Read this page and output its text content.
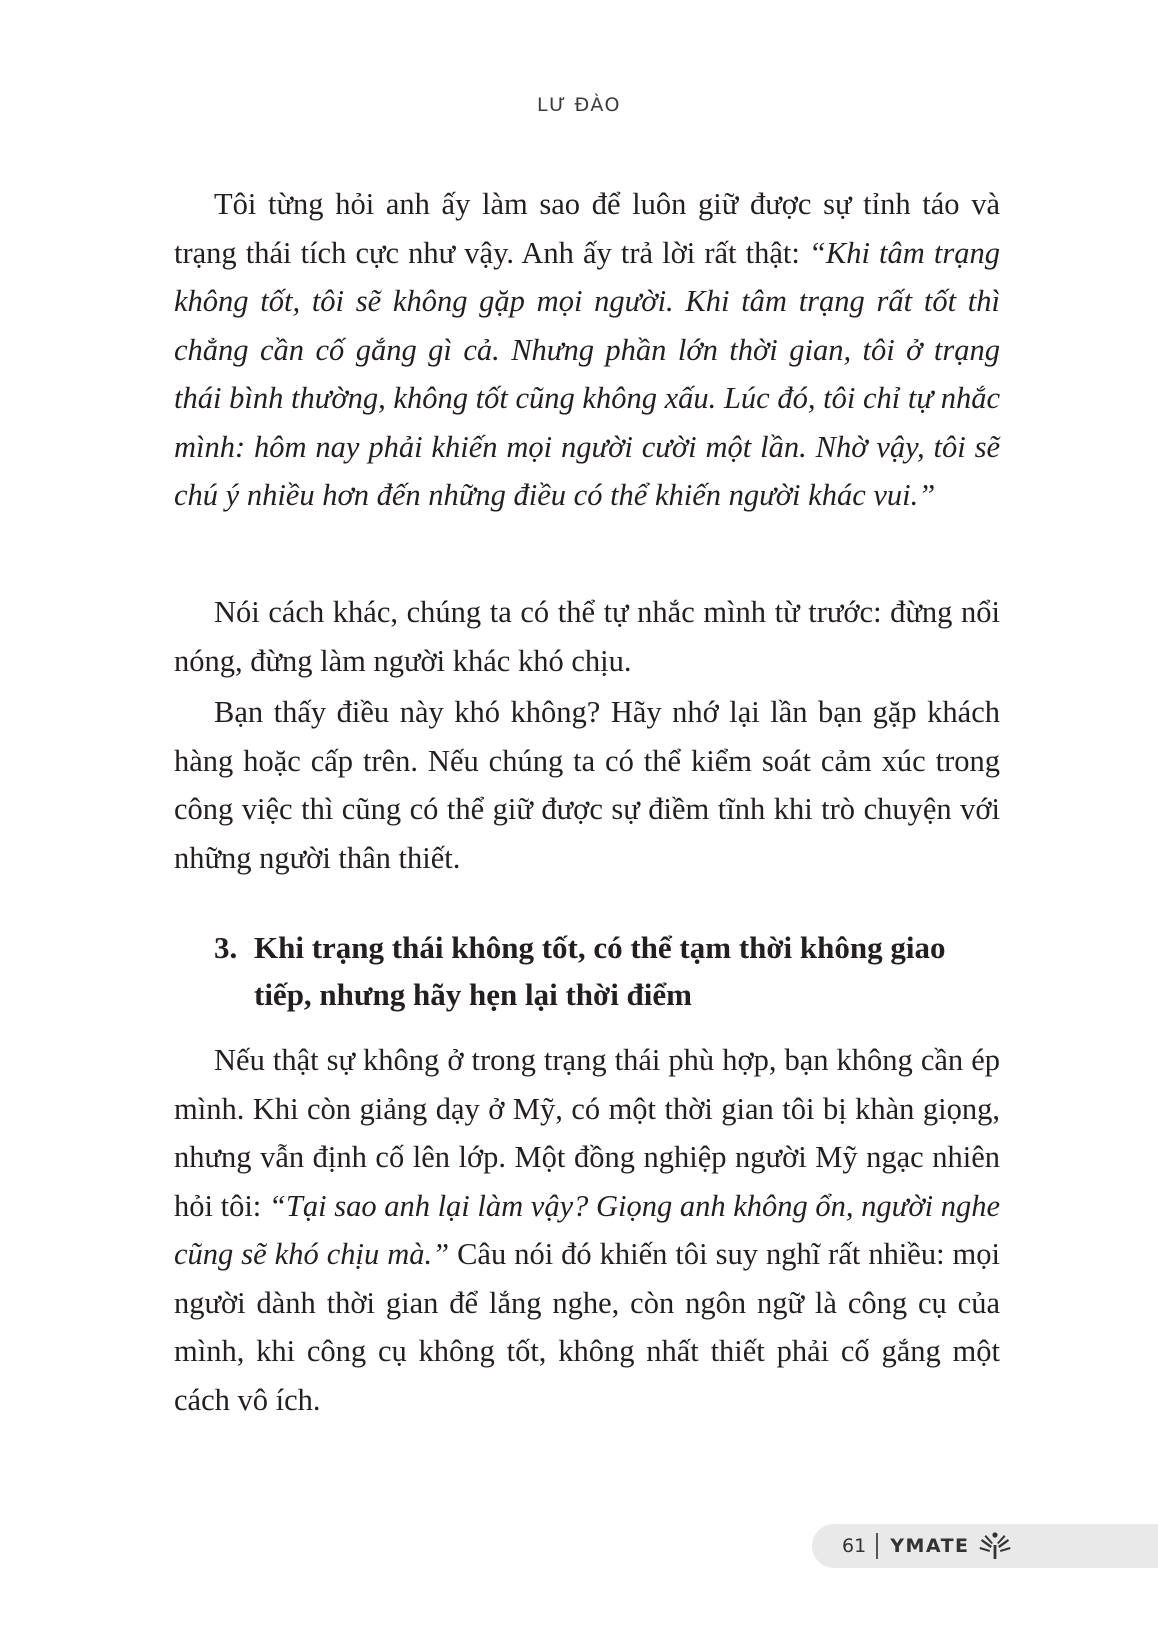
LƯ ĐÀO

Tôi từng hỏi anh ấy làm sao để luôn giữ được sự tỉnh táo và trạng thái tích cực như vậy. Anh ấy trả lời rất thật: “Khi tâm trạng không tốt, tôi sẽ không gặp mọi người. Khi tâm trạng rất tốt thì chẳng cần cố gắng gì cả. Nhưng phần lớn thời gian, tôi ở trạng thái bình thường, không tốt cũng không xấu. Lúc đó, tôi chỉ tự nhắc mình: hôm nay phải khiến mọi người cười một lần. Nhờ vậy, tôi sẽ chú ý nhiều hơn đến những điều có thể khiến người khác vui.”

Nói cách khác, chúng ta có thể tự nhắc mình từ trước: đừng nổi nóng, đừng làm người khác khó chịu.

Bạn thấy điều này khó không? Hãy nhớ lại lần bạn gặp khách hàng hoặc cấp trên. Nếu chúng ta có thể kiểm soát cảm xúc trong công việc thì cũng có thể giữ được sự điềm tĩnh khi trò chuyện với những người thân thiết.

3. Khi trạng thái không tốt, có thể tạm thời không giao tiếp, nhưng hãy hẹn lại thời điểm

Nếu thật sự không ở trong trạng thái phù hợp, bạn không cần ép mình. Khi còn giảng dạy ở Mỹ, có một thời gian tôi bị khàn giọng, nhưng vẫn định cố lên lớp. Một đồng nghiệp người Mỹ ngạc nhiên hỏi tôi: “Tại sao anh lại làm vậy? Giọng anh không ổn, người nghe cũng sẽ khó chịu mà.” Câu nói đó khiến tôi suy nghĩ rất nhiều: mọi người dành thời gian để lắng nghe, còn ngôn ngữ là công cụ của mình, khi công cụ không tốt, không nhất thiết phải cố gắng một cách vô ích.

61 YMATE
